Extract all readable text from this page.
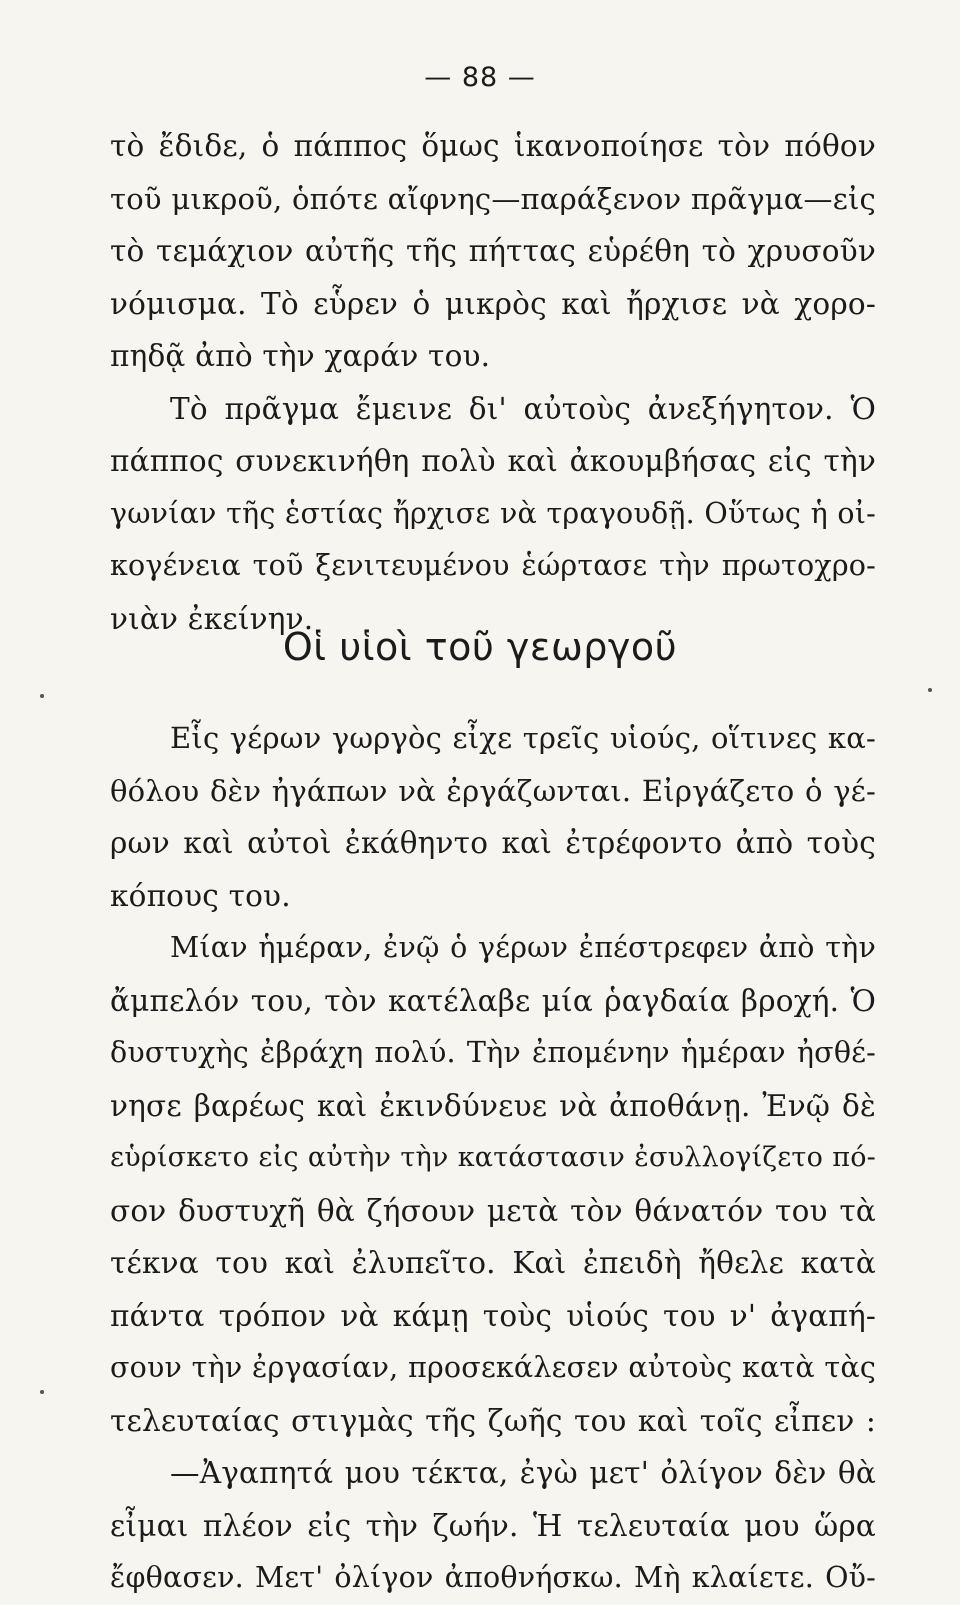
— 88 —
τὸ ἔδιδε, ὁ πάππος ὅμως ἱκανοποίησε τὸν πόθον
τοῦ μικροῦ, ὁπότε αἴφνης—παράξενον πρᾶγμα—εἰς
τὸ τεμάχιον αὐτῆς τῆς πήττας εὑρέθη τὸ χρυσοῦν
νόμισμα. Τὸ εὗρεν ὁ μικρὸς καὶ ἤρχισε νὰ χορο-
πηδᾷ ἀπὸ τὴν χαράν του.
Τὸ πρᾶγμα ἔμεινε δι' αὐτοὺς ἀνεξήγητον. Ὁ
πάππος συνεκινήθη πολὺ καὶ ἀκουμβήσας εἰς τὴν
γωνίαν τῆς ἑστίας ἤρχισε νὰ τραγουδῇ. Οὕτως ἡ οἰ-
κογένεια τοῦ ξενιτευμένου ἑώρτασε τὴν πρωτοχρο-
νιὰν ἐκείνην.
Οἱ υἱοὶ τοῦ γεωργοῦ
Εἷς γέρων γωργὸς εἶχε τρεῖς υἱούς, οἵτινες κα-
θόλου δὲν ἠγάπων νὰ ἐργάζωνται. Εἰργάζετο ὁ γέ-
ρων καὶ αὐτοὶ ἐκάθηντο καὶ ἐτρέφοντο ἀπὸ τοὺς
κόπους του.
Μίαν ἡμέραν, ἐνῷ ὁ γέρων ἐπέστρεφεν ἀπὸ τὴν
ἄμπελόν του, τὸν κατέλαβε μία ῥαγδαία βροχή. Ὁ
δυστυχὴς ἐβράχη πολύ. Τὴν ἐπομένην ἡμέραν ἠσθέ-
νησε βαρέως καὶ ἐκινδύνευε νὰ ἀποθάνῃ. Ἐνῷ δὲ
εὑρίσκετο εἰς αὐτὴν τὴν κατάστασιν ἐσυλλογίζετο πό-
σον δυστυχῆ θὰ ζήσουν μετὰ τὸν θάνατόν του τὰ
τέκνα του καὶ ἐλυπεῖτο. Καὶ ἐπειδὴ ἤθελε κατὰ
πάντα τρόπον νὰ κάμῃ τοὺς υἱούς του ν' ἀγαπή-
σουν τὴν ἐργασίαν, προσεκάλεσεν αὐτοὺς κατὰ τὰς
τελευταίας στιγμὰς τῆς ζωῆς του καὶ τοῖς εἶπεν :
—Ἀγαπητά μου τέκτα, ἐγὼ μετ' ὀλίγον δὲν θὰ
εἶμαι πλέον εἰς τὴν ζωήν. Ἡ τελευταία μου ὥρα
ἔφθασεν. Μετ' ὀλίγον ἀποθνήσκω. Μὴ κλαίετε. Οὔ-
